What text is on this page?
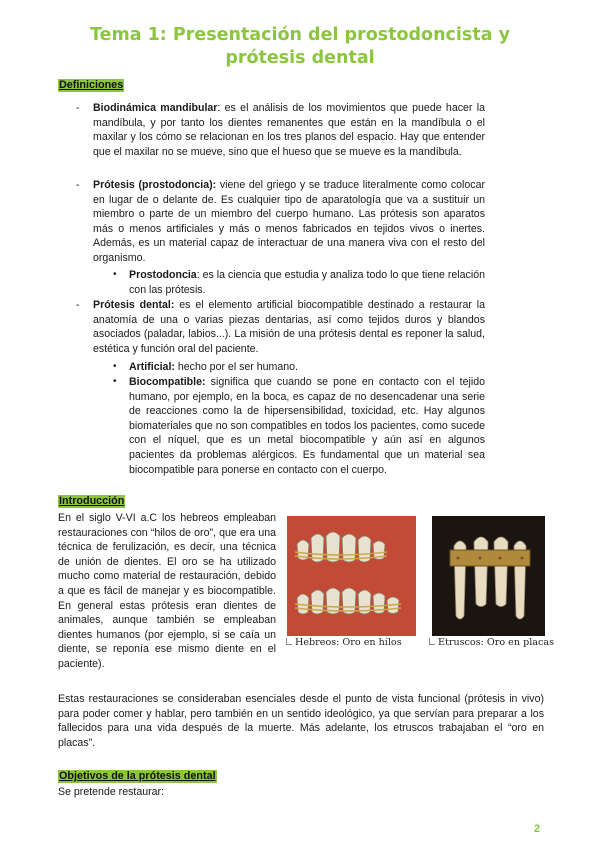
Tema 1: Presentación del prostodoncista y prótesis dental
Definiciones
- Biodinámica mandibular: es el análisis de los movimientos que puede hacer la mandíbula, y por tanto los dientes remanentes que están en la mandíbula o el maxilar y los cómo se relacionan en los tres planos del espacio. Hay que entender que el maxilar no se mueve, sino que el hueso que se mueve es la mandíbula.

- Prótesis (prostodoncia): viene del griego y se traduce literalmente como colocar en lugar de o delante de. Es cualquier tipo de aparatología que va a sustituir un miembro o parte de un miembro del cuerpo humano. Las prótesis son aparatos más o menos artificiales y más o menos fabricados en tejidos vivos o inertes. Además, es un material capaz de interactuar de una manera viva con el resto del organismo.

• Prostodoncia: es la ciencia que estudia y analiza todo lo que tiene relación con las prótesis.

- Prótesis dental: es el elemento artificial biocompatible destinado a restaurar la anatomía de una o varias piezas dentarias, así como tejidos duros y blandos asociados (paladar, labios...). La misión de una prótesis dental es reponer la salud, estética y función oral del paciente.

• Artificial: hecho por el ser humano.

• Biocompatible: significa que cuando se pone en contacto con el tejido humano, por ejemplo, en la boca, es capaz de no desencadenar una serie de reacciones como la de hipersensibilidad, toxicidad, etc. Hay algunos biomateriales que no son compatibles en todos los pacientes, como sucede con el níquel, que es un metal biocompatible y aún así en algunos pacientes da problemas alérgicos. Es fundamental que un material sea biocompatible para ponerse en contacto con el cuerpo.

Introducción

En el siglo V-VI a.C los hebreos empleaban restauraciones con “hilos de oro”, que era una técnica de ferulización, es decir, una técnica de unión de dientes. El oro se ha utilizado mucho como material de restauración, debido a que es fácil de manejar y es biocompatible. En general estas prótesis eran dientes de animales, aunque también se empleaban dientes humanos (por ejemplo, si se caía un diente, se reponía ese mismo diente en el paciente).

Hebreos: Oro en hilos	Etruscos: Oro en placas

Estas restauraciones se consideraban esenciales desde el punto de vista funcional (prótesis in vivo) para poder comer y hablar, pero también en un sentido ideológico, ya que servían para preparar a los fallecidos para una vida después de la muerte. Más adelante, los etruscos trabajaban el “oro en placas”.

Objetivos de la prótesis dental

Se pretende restaurar:

2
